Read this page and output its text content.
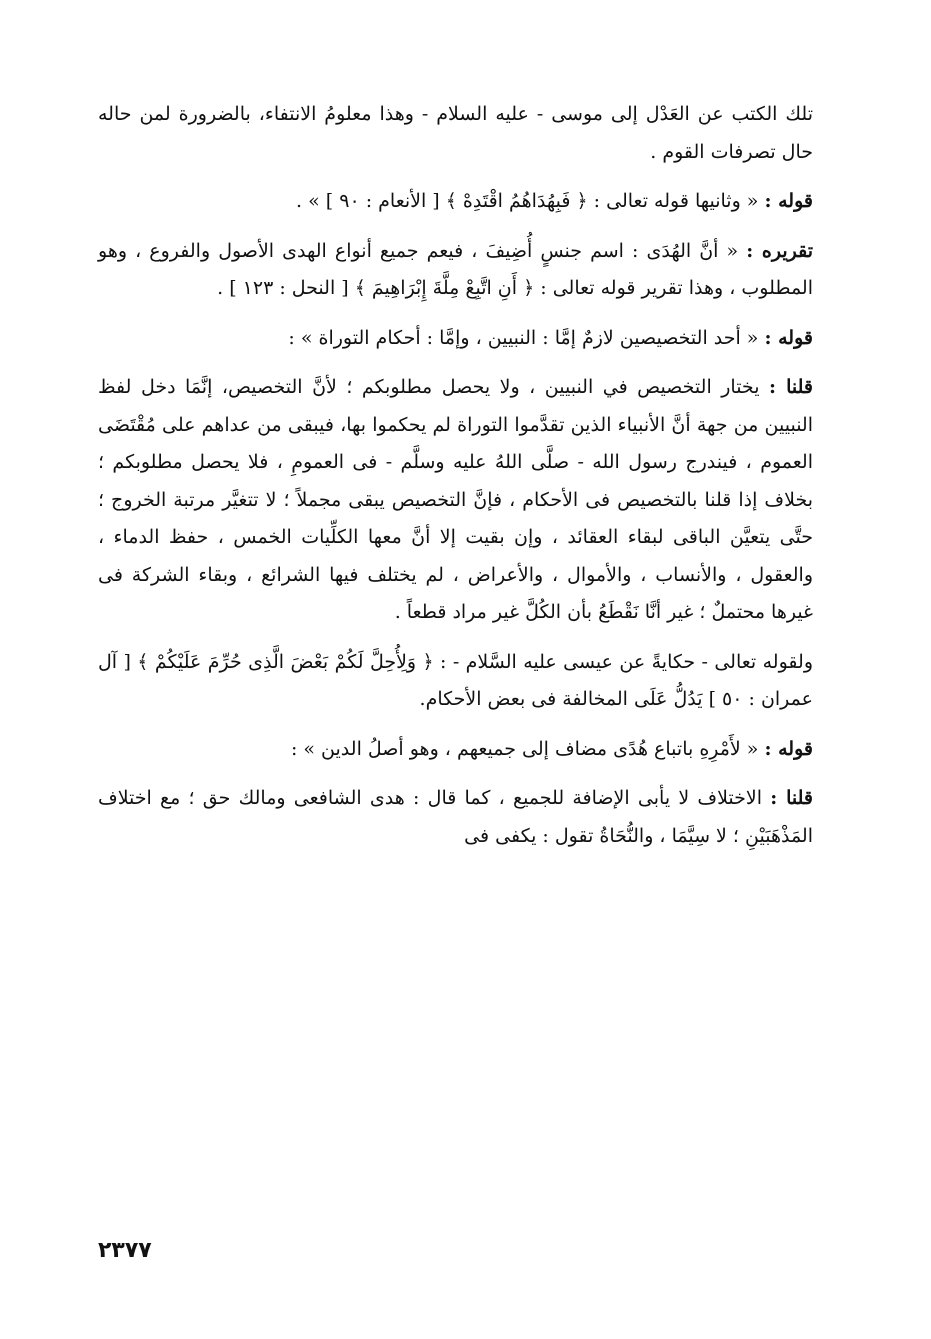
تلك الكتب عن العَدْل إلى موسى - عليه السلام - وهذا معلومُ الانتفاء، بالضرورة لمن حاله حال تصرفات القوم .

قوله : « وثانيها قوله تعالى : ﴿ فَبِهُدَاهُمُ اقْتَدِهْ ﴾ [ الأنعام : ٩٠ ] » .

تقريره : « أنَّ الهُدَى : اسم جنسٍ أُضِيفَ ، فيعم جميع أنواع الهدى الأصول والفروع ، وهو المطلوب ، وهذا تقرير قوله تعالى : ﴿ أَنِ اتَّبِعْ مِلَّةَ إِبْرَاهِيمَ ﴾ [ النحل : ١٢٣ ] .

قوله : « أحد التخصيصين لازمٌ إمَّا : النبيين ، وإمَّا : أحكام التوراة » :

قلنا : يختار التخصيص في النبيين ، ولا يحصل مطلوبكم ؛ لأنَّ التخصيص، إنَّمَا دخل لفظ النبيين من جهة أنَّ الأنبياء الذين تقدَّموا التوراة لم يحكموا بها، فيبقى من عداهم على مُقْتَضَى العموم ، فيندرج رسول الله - صلَّى اللهُ عليه وسلَّم - فى العمومِ ، فلا يحصل مطلوبكم ؛ بخلاف إذا قلنا بالتخصيص فى الأحكام ، فإنَّ التخصيص يبقى مجملاً ؛ لا تتغيَّر مرتبة الخروج ؛ حتَّى يتعيَّن الباقى لبقاء العقائد ، وإن بقيت إلا أنَّ معها الكلِّيات الخمس ، حفظ الدماء ، والعقول ، والأنساب ، والأموال ، والأعراض ، لم يختلف فيها الشرائع ، وبقاء الشركة فى غيرها محتملٌ ؛ غير أنَّا نَقْطَعُ بأن الكُلَّ غير مراد قطعاً .

ولقوله تعالى - حكايةً عن عيسى عليه السَّلام - : ﴿ وَلِأُحِلَّ لَكُمْ بَعْضَ الَّذِى حُرِّمَ عَلَيْكُمْ ﴾ [ آل عمران : ٥٠ ] يَدُلُّ عَلَى المخالفة فى بعض الأحكام.

قوله : « لأَمْرِهِ باتباع هُدًى مضاف إلى جميعهم ، وهو أصلُ الدين » :

قلنا : الاختلاف لا يأبى الإضافة للجميع ، كما قال : هدى الشافعى ومالك حق ؛ مع اختلاف المَذْهَبَيْنِ ؛ لا سِيَّمَا ، والنُّحَاةُ تقول : يكفى فى

٢٣٧٧
